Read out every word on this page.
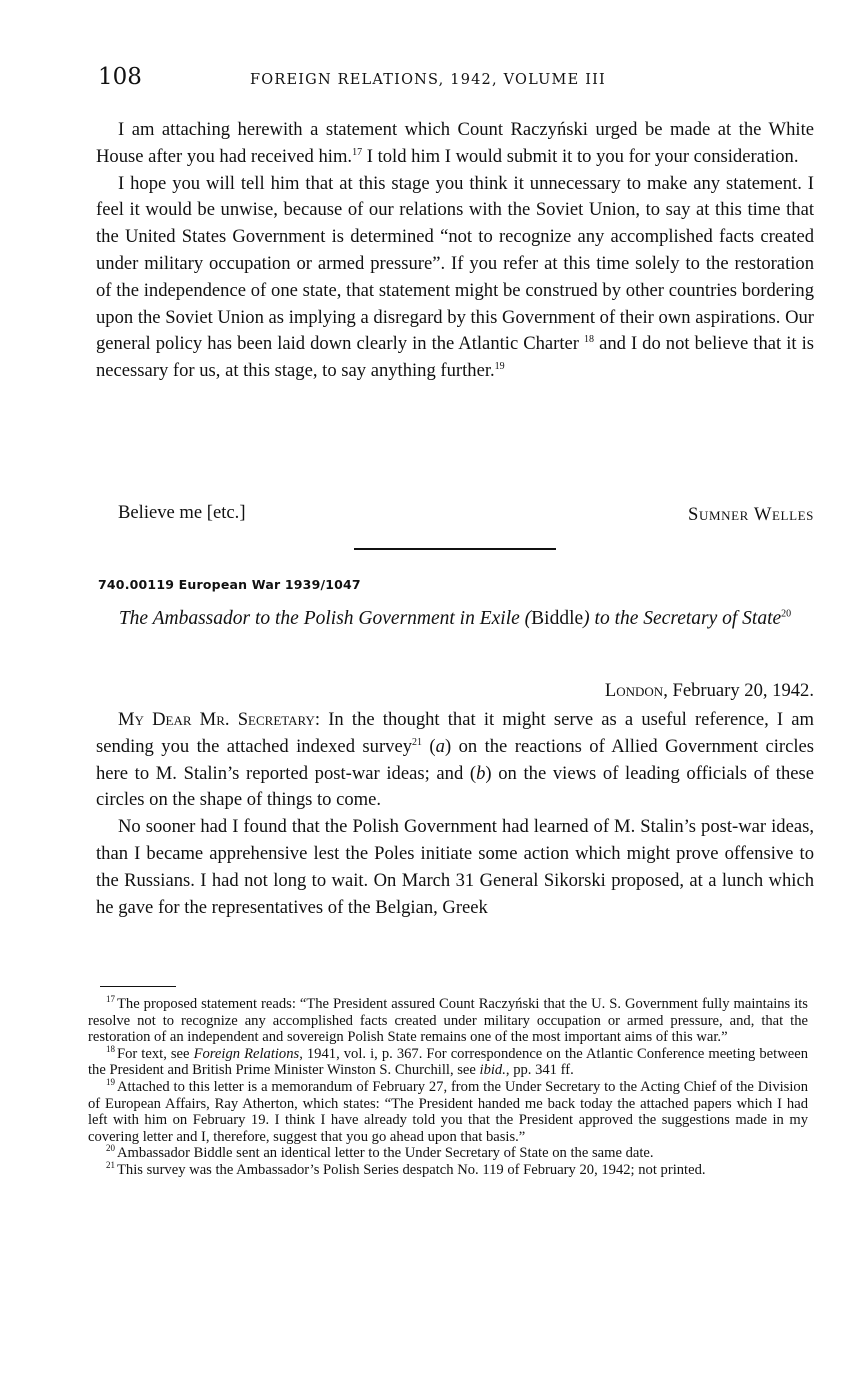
108	FOREIGN RELATIONS, 1942, VOLUME III

I am attaching herewith a statement which Count Raczyński urged be made at the White House after you had received him.$^{17}$ I told him I would submit it to you for your consideration.

I hope you will tell him that at this stage you think it unnecessary to make any statement. I feel it would be unwise, because of our relations with the Soviet Union, to say at this time that the United States Government is determined “not to recognize any accomplished facts created under military occupation or armed pressure”. If you refer at this time solely to the restoration of the independence of one state, that statement might be construed by other countries bordering upon the Soviet Union as implying a disregard by this Government of their own aspirations. Our general policy has been laid down clearly in the Atlantic Charter $^{18}$ and I do not believe that it is necessary for us, at this stage, to say anything further.$^{19}$

Believe me [etc.]	Sumner Welles
740.00119 European War 1939/1047
The Ambassador to the Polish Government in Exile (Biddle) to the Secretary of State$^{20}$
London, February 20, 1942.

My Dear Mr. Secretary: In the thought that it might serve as a useful reference, I am sending you the attached indexed survey$^{21}$ (a) on the reactions of Allied Government circles here to M. Stalin’s reported post-war ideas; and (b) on the views of leading officials of these circles on the shape of things to come.

No sooner had I found that the Polish Government had learned of M. Stalin’s post-war ideas, than I became apprehensive lest the Poles initiate some action which might prove offensive to the Russians. I had not long to wait. On March 31 General Sikorski proposed, at a lunch which he gave for the representatives of the Belgian, Greek

$^{17}$ The proposed statement reads: “The President assured Count Raczyński that the U. S. Government fully maintains its resolve not to recognize any accomplished facts created under military occupation or armed pressure, and, that the restoration of an independent and sovereign Polish State remains one of the most important aims of this war.”

$^{18}$ For text, see Foreign Relations, 1941, vol. i, p. 367. For correspondence on the Atlantic Conference meeting between the President and British Prime Minister Winston S. Churchill, see ibid., pp. 341 ff.

$^{19}$ Attached to this letter is a memorandum of February 27, from the Under Secretary to the Acting Chief of the Division of European Affairs, Ray Atherton, which states: “The President handed me back today the attached papers which I had left with him on February 19. I think I have already told you that the President approved the suggestions made in my covering letter and I, therefore, suggest that you go ahead upon that basis.”

$^{20}$ Ambassador Biddle sent an identical letter to the Under Secretary of State on the same date.

$^{21}$ This survey was the Ambassador’s Polish Series despatch No. 119 of February 20, 1942; not printed.
